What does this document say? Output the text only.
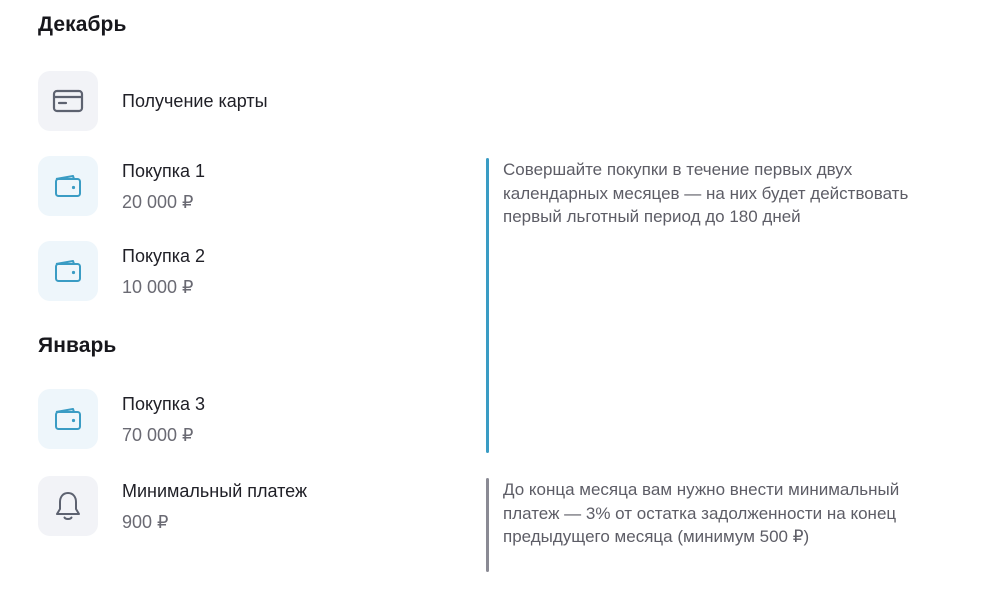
Декабрь
Получение карты
Покупка 1
20 000 ₽
Покупка 2
10 000 ₽
Январь
Покупка 3
70 000 ₽
Минимальный платеж
900 ₽
Совершайте покупки в течение первых двух календарных месяцев — на них будет действовать первый льготный период до 180 дней
До конца месяца вам нужно внести минимальный платеж — 3% от остатка задолженности на конец предыдущего месяца (минимум 500 ₽)
